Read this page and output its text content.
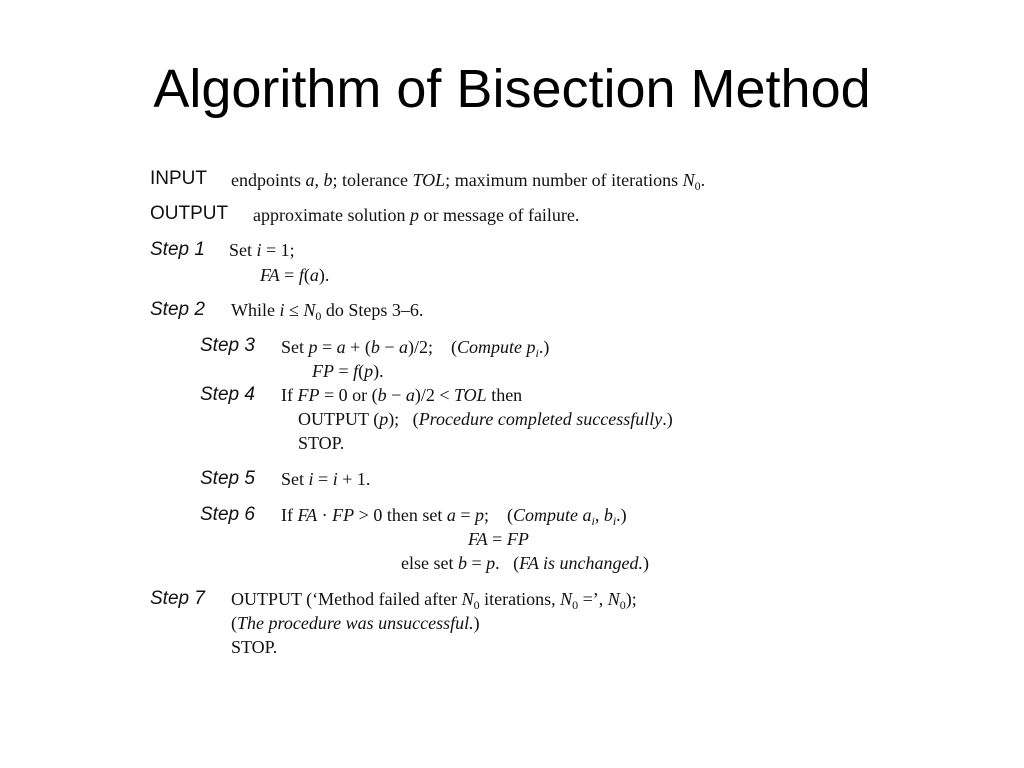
Algorithm of Bisection Method
INPUT endpoints a, b; tolerance TOL; maximum number of iterations $N_0$.
OUTPUT approximate solution p or message of failure.
Step 1 Set i = 1;
FA = f(a).
Step 2 While $i \le N_0$ do Steps 3–6.
Step 3 Set p = a + (b − a)/2;    (Compute $p_i$.)
FP = f(p).
Step 4 If FP = 0 or (b − a)/2 < TOL then
OUTPUT (p);   (Procedure completed successfully.)
STOP.
Step 5 Set i = i + 1.
Step 6 If FA · FP > 0 then set a = p;    (Compute $a_i$, $b_i$.)
FA = FP
else set b = p.   (FA is unchanged.)
Step 7 OUTPUT (‘Method failed after $N_0$ iterations, $N_0$ =’, $N_0$);
(The procedure was unsuccessful.)
STOP.
